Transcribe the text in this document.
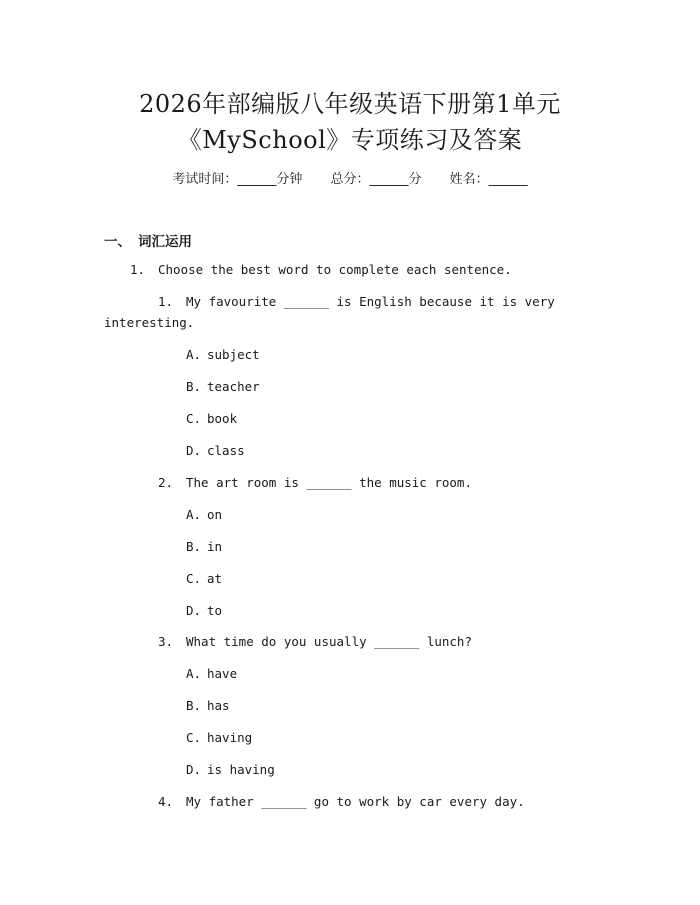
2026年部编版八年级英语下册第1单元
《MySchool》专项练习及答案
考试时间：______分钟 总分：______分 姓名：______
一、 词汇运用
1. Choose the best word to complete each sentence.
1. My favourite ______ is English because it is very
interesting.
A. subject
B. teacher
C. book
D. class
2. The art room is ______ the music room.
A. on
B. in
C. at
D. to
3. What time do you usually ______ lunch?
A. have
B. has
C. having
D. is having
4. My father ______ go to work by car every day.
